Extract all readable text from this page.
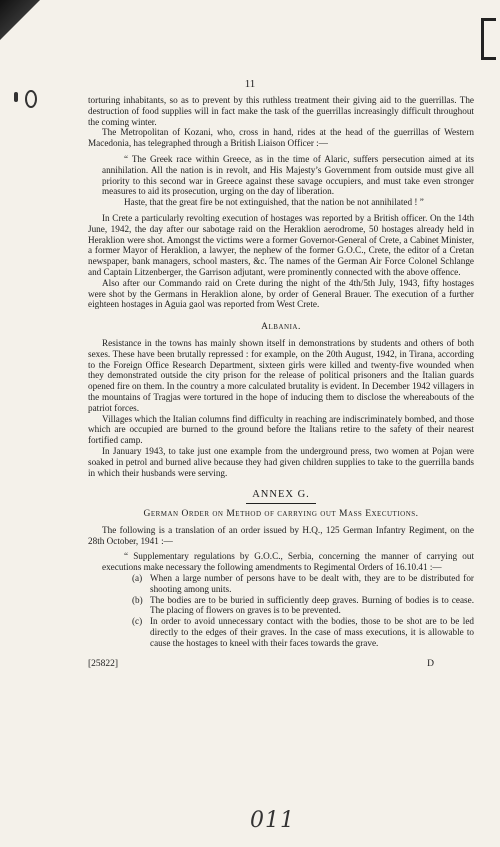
11

torturing inhabitants, so as to prevent by this ruthless treatment their giving aid to the guerrillas. The destruction of food supplies will in fact make the task of the guerrillas increasingly difficult throughout the coming winter.

The Metropolitan of Kozani, who, cross in hand, rides at the head of the guerrillas of Western Macedonia, has telegraphed through a British Liaison Officer :—

“ The Greek race within Greece, as in the time of Alaric, suffers persecution aimed at its annihilation. All the nation is in revolt, and His Majesty’s Government from outside must give all priority to this second war in Greece against these savage occupiers, and must take even stronger measures to aid its prosecution, urging on the day of liberation.

Haste, that the great fire be not extinguished, that the nation be not annihilated ! ”

In Crete a particularly revolting execution of hostages was reported by a British officer. On the 14th June, 1942, the day after our sabotage raid on the Heraklion aerodrome, 50 hostages already held in Heraklion were shot. Amongst the victims were a former Governor-General of Crete, a Cabinet Minister, a former Mayor of Heraklion, a lawyer, the nephew of the former G.O.C., Crete, the editor of a Cretan newspaper, bank managers, school masters, &c. The names of the German Air Force Colonel Schlange and Captain Litzenberger, the Garrison adjutant, were prominently connected with the above offence.

Also after our Commando raid on Crete during the night of the 4th/5th July, 1943, fifty hostages were shot by the Germans in Heraklion alone, by order of General Brauer. The execution of a further eighteen hostages in Aguia gaol was reported from West Crete.

Albania.

Resistance in the towns has mainly shown itself in demonstrations by students and others of both sexes. These have been brutally repressed : for example, on the 20th August, 1942, in Tirana, according to the Foreign Office Research Department, sixteen girls were killed and twenty-five wounded when they demonstrated outside the city prison for the release of political prisoners and the Italian guards opened fire on them. In the country a more calculated brutality is evident. In December 1942 villagers in the mountains of Tragjas were tortured in the hope of inducing them to disclose the whereabouts of the patriot forces.

Villages which the Italian columns find difficulty in reaching are indiscriminately bombed, and those which are occupied are burned to the ground before the Italians retire to the safety of their nearest fortified camp.

In January 1943, to take just one example from the underground press, two women at Pojan were soaked in petrol and burned alive because they had given children supplies to take to the guerrilla bands in which their husbands were serving.

ANNEX G.
German Order on Method of carrying out Mass Executions.

The following is a translation of an order issued by H.Q., 125 German Infantry Regiment, on the 28th October, 1941 :—

“ Supplementary regulations by G.O.C., Serbia, concerning the manner of carrying out executions make necessary the following amendments to Regimental Orders of 16.10.41 :—

(a) When a large number of persons have to be dealt with, they are to be distributed for shooting among units.
(b) The bodies are to be buried in sufficiently deep graves. Burning of bodies is to cease. The placing of flowers on graves is to be prevented.
(c) In order to avoid unnecessary contact with the bodies, those to be shot are to be led directly to the edges of their graves. In the case of mass executions, it is allowable to cause the hostages to kneel with their faces towards the grave.
[25822]	D
011
